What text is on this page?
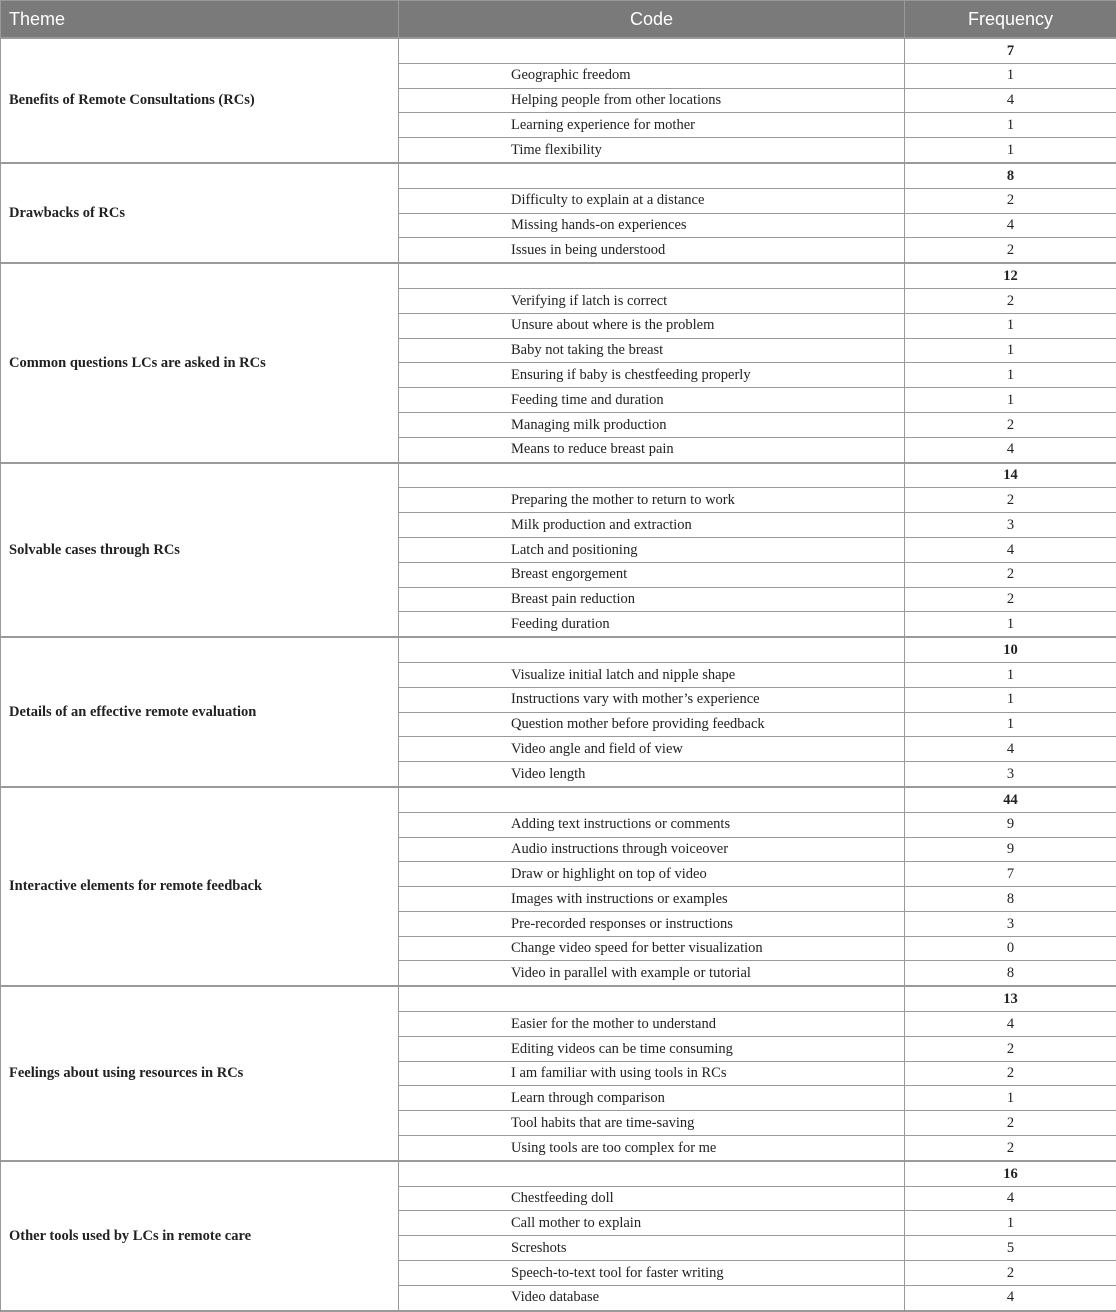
Theme	Code	Frequency
Benefits of Remote Consultations (RCs)		7
	Geographic freedom	1
	Helping people from other locations	4
	Learning experience for mother	1
	Time flexibility	1
Drawbacks of RCs		8
	Difficulty to explain at a distance	2
	Missing hands-on experiences	4
	Issues in being understood	2
Common questions LCs are asked in RCs		12
	Verifying if latch is correct	2
	Unsure about where is the problem	1
	Baby not taking the breast	1
	Ensuring if baby is chestfeeding properly	1
	Feeding time and duration	1
	Managing milk production	2
	Means to reduce breast pain	4
Solvable cases through RCs		14
	Preparing the mother to return to work	2
	Milk production and extraction	3
	Latch and positioning	4
	Breast engorgement	2
	Breast pain reduction	2
	Feeding duration	1
Details of an effective remote evaluation		10
	Visualize initial latch and nipple shape	1
	Instructions vary with mother’s experience	1
	Question mother before providing feedback	1
	Video angle and field of view	4
	Video length	3
Interactive elements for remote feedback		44
	Adding text instructions or comments	9
	Audio instructions through voiceover	9
	Draw or highlight on top of video	7
	Images with instructions or examples	8
	Pre-recorded responses or instructions	3
	Change video speed for better visualization	0
	Video in parallel with example or tutorial	8
Feelings about using resources in RCs		13
	Easier for the mother to understand	4
	Editing videos can be time consuming	2
	I am familiar with using tools in RCs	2
	Learn through comparison	1
	Tool habits that are time-saving	2
	Using tools are too complex for me	2
Other tools used by LCs in remote care		16
	Chestfeeding doll	4
	Call mother to explain	1
	Screshots	5
	Speech-to-text tool for faster writing	2
	Video database	4
